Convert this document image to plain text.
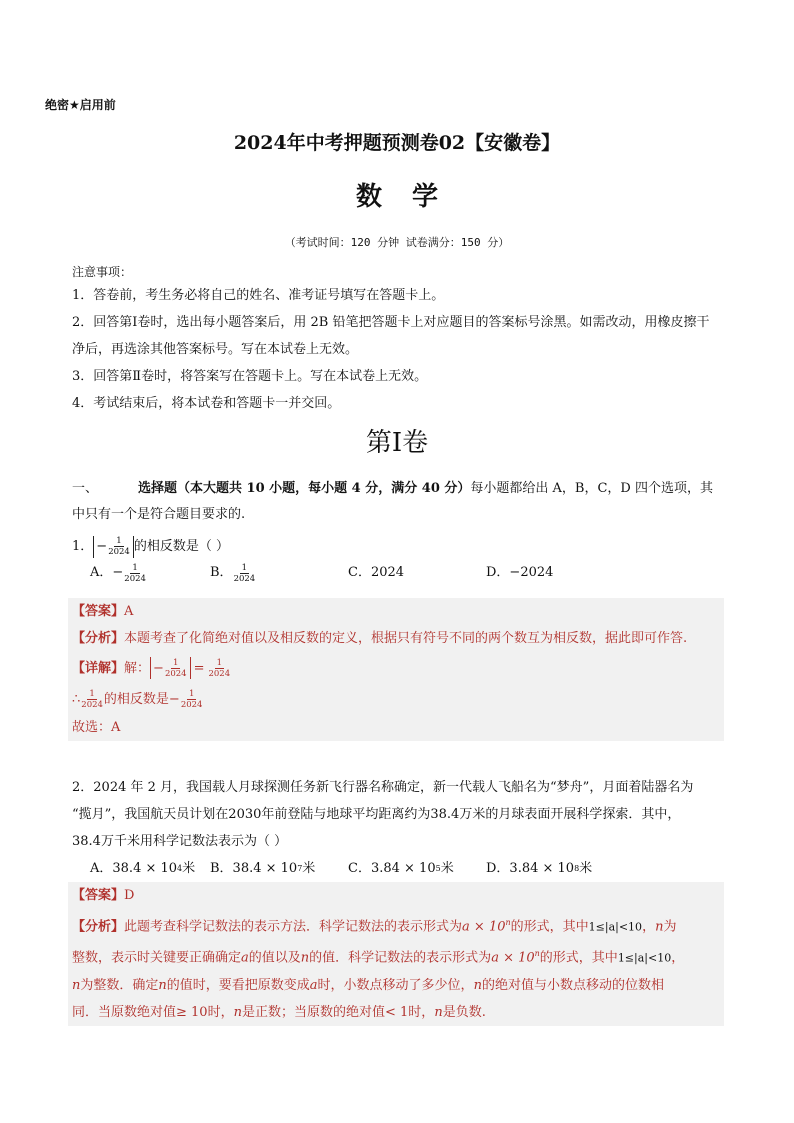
绝密★启用前
2024年中考押题预测卷02【安徽卷】
数学
（考试时间：120 分钟 试卷满分：150 分）
注意事项：
1．答卷前，考生务必将自己的姓名、准考证号填写在答题卡上。
2．回答第Ⅰ卷时，选出每小题答案后，用 2B 铅笔把答题卡上对应题目的答案标号涂黑。如需改动，用橡皮擦干净后，再选涂其他答案标号。写在本试卷上无效。
3．回答第Ⅱ卷时，将答案写在答题卡上。写在本试卷上无效。
4．考试结束后，将本试卷和答题卡一并交回。
第Ⅰ卷
一、	选择题（本大题共 10 小题，每小题 4 分，满分 40 分）每小题都给出 A，B，C，D 四个选项，其中只有一个是符合题目要求的.
1． − $\frac{1}{2024}$ 的相反数是（ ）
A．− $\frac{1}{2024}$	B． $\frac{1}{2024}$	C．2024	D．−2024
【答案】A
【分析】本题考查了化简绝对值以及相反数的定义，根据只有符号不同的两个数互为相反数，据此即可作答.
【详解】 解： − $\frac{1}{2024} = \frac{1}{2024}$
∴ $\frac{1}{2024}$ 的相反数是− $\frac{1}{2024}$
故选：A
2．2024 年 2 月，我国载人月球探测任务新飞行器名称确定，新一代载人飞船名为“梦舟”，月面着陆器名为
“揽月”，我国航天员计划在2030年前登陆与地球平均距离约为38.4万米的月球表面开展科学探索．其中，
38.4万千米用科学记数法表示为（ ）
A．38.4 × 10 4 米 B．38.4 × 10 7 米	C．3.84 × 10 5 米 D．3.84 × 10 8 米
【答案】D
【分析】此题考查科学记数法的表示方法．科学记数法的表示形式为$a \times 10^n$的形式，其中1≤|a|<10，n为
整数，表示时关键要正确确定a的值以及n的值．科学记数法的表示形式为$a \times 10^n$的形式，其中1≤|a|<10，
n为整数．确定n的值时，要看把原数变成a时，小数点移动了多少位，n的绝对值与小数点移动的位数相
同．当原数绝对值≥ 10时，n是正数；当原数的绝对值< 1时，n是负数.
